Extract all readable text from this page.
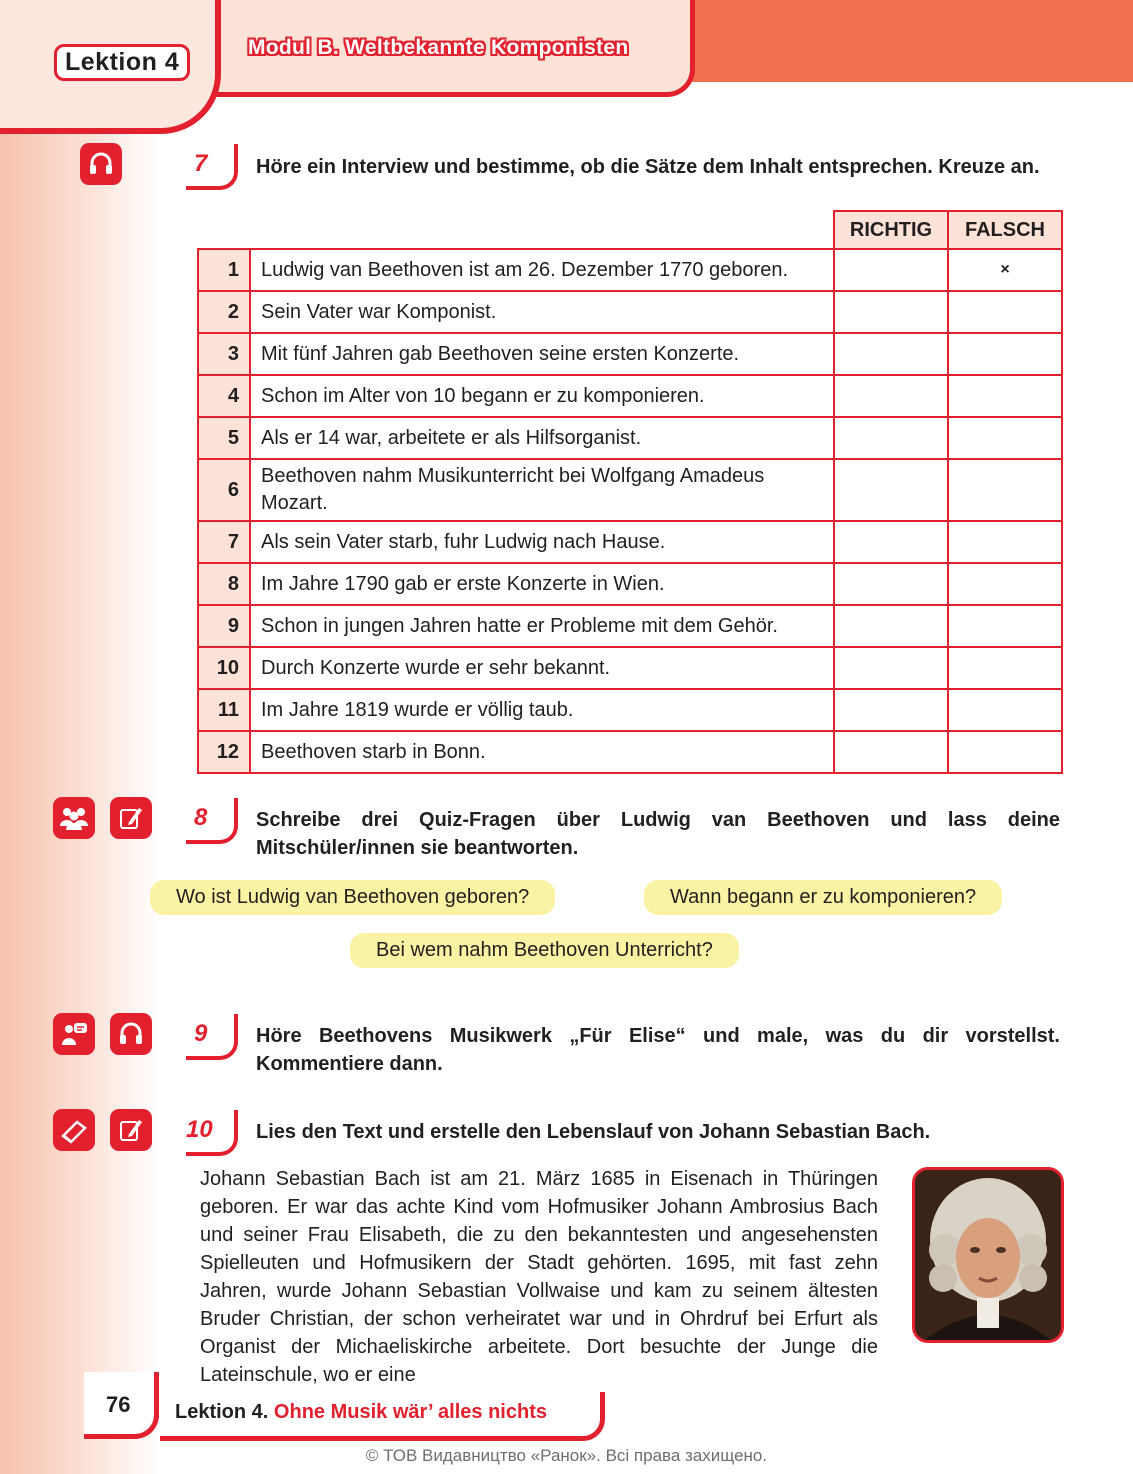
Lektion 4
Modul B. Weltbekannte Komponisten
7 Höre ein Interview und bestimme, ob die Sätze dem Inhalt entsprechen. Kreuze an.
		RICHTIG	FALSCH
1	Ludwig van Beethoven ist am 26. Dezember 1770 geboren.		×
2	Sein Vater war Komponist.		
3	Mit fünf Jahren gab Beethoven seine ersten Konzerte.		
4	Schon im Alter von 10 begann er zu komponieren.		
5	Als er 14 war, arbeitete er als Hilfsorganist.		
6	Beethoven nahm Musikunterricht bei Wolfgang Amadeus Mozart.		
7	Als sein Vater starb, fuhr Ludwig nach Hause.		
8	Im Jahre 1790 gab er erste Konzerte in Wien.		
9	Schon in jungen Jahren hatte er Probleme mit dem Gehör.		
10	Durch Konzerte wurde er sehr bekannt.		
11	Im Jahre 1819 wurde er völlig taub.		
12	Beethoven starb in Bonn.		
8 Schreibe drei Quiz-Fragen über Ludwig van Beethoven und lass deine Mitschüler/innen sie beantworten.
Wo ist Ludwig van Beethoven geboren?	Wann begann er zu komponieren?
Bei wem nahm Beethoven Unterricht?
9 Höre Beethovens Musikwerk „Für Elise“ und male, was du dir vorstellst. Kommentiere dann.
10 Lies den Text und erstelle den Lebenslauf von Johann Sebastian Bach.
Johann Sebastian Bach ist am 21. März 1685 in Eisenach in Thüringen geboren. Er war das achte Kind vom Hofmusiker Johann Ambrosius Bach und seiner Frau Elisabeth, die zu den bekanntesten und angesehensten Spielleuten und Hofmusikern der Stadt gehörten. 1695, mit fast zehn Jahren, wurde Johann Sebastian Vollwaise und kam zu seinem ältesten Bruder Christian, der schon verheiratet war und in Ohrdruf bei Erfurt als Organist der Michaeliskirche arbeitete. Dort besuchte der Junge die Lateinschule, wo er eine
76 Lektion 4. Ohne Musik wär’ alles nichts
© ТОВ Видавництво «Ранок». Всі права захищено.
